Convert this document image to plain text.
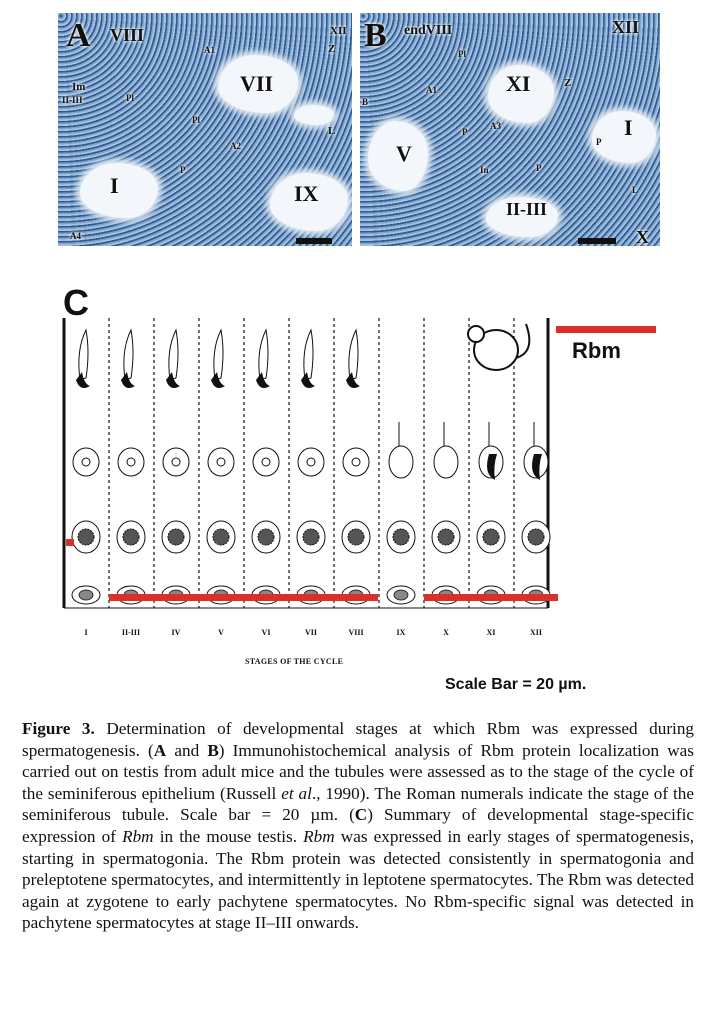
A VIII
VII
I	IX
XII
Z
A1
Im
II-III	Pl
Pl
A2
L
P
A4
B endVIII
XI
XII
V
I
II-III
X
Pl
A1
Z
B
A3
P
In	P
P
L
C
Rbm
I	II-III	IV	V	VI	VII	VIII	IX	X	XI	XII
STAGES OF THE CYCLE
Scale Bar = 20 µm.
Figure 3. Determination of developmental stages at which Rbm was expressed during spermatogenesis. (A and B) Immunohistochemical analysis of Rbm protein localization was carried out on testis from adult mice and the tubules were assessed as to the stage of the cycle of the seminiferous epithelium (Russell et al., 1990). The Roman numerals indicate the stage of the seminiferous tubule. Scale bar = 20 µm. (C) Summary of developmental stage-specific expression of Rbm in the mouse testis. Rbm was expressed in early stages of spermatogenesis, starting in spermatogonia. The Rbm protein was detected consistently in spermatogonia and preleptotene spermatocytes, and intermittently in leptotene spermatocytes. The Rbm was detected again at zygotene to early pachytene spermatocytes. No Rbm-specific signal was detected in pachytene spermatocytes at stage II–III onwards.
